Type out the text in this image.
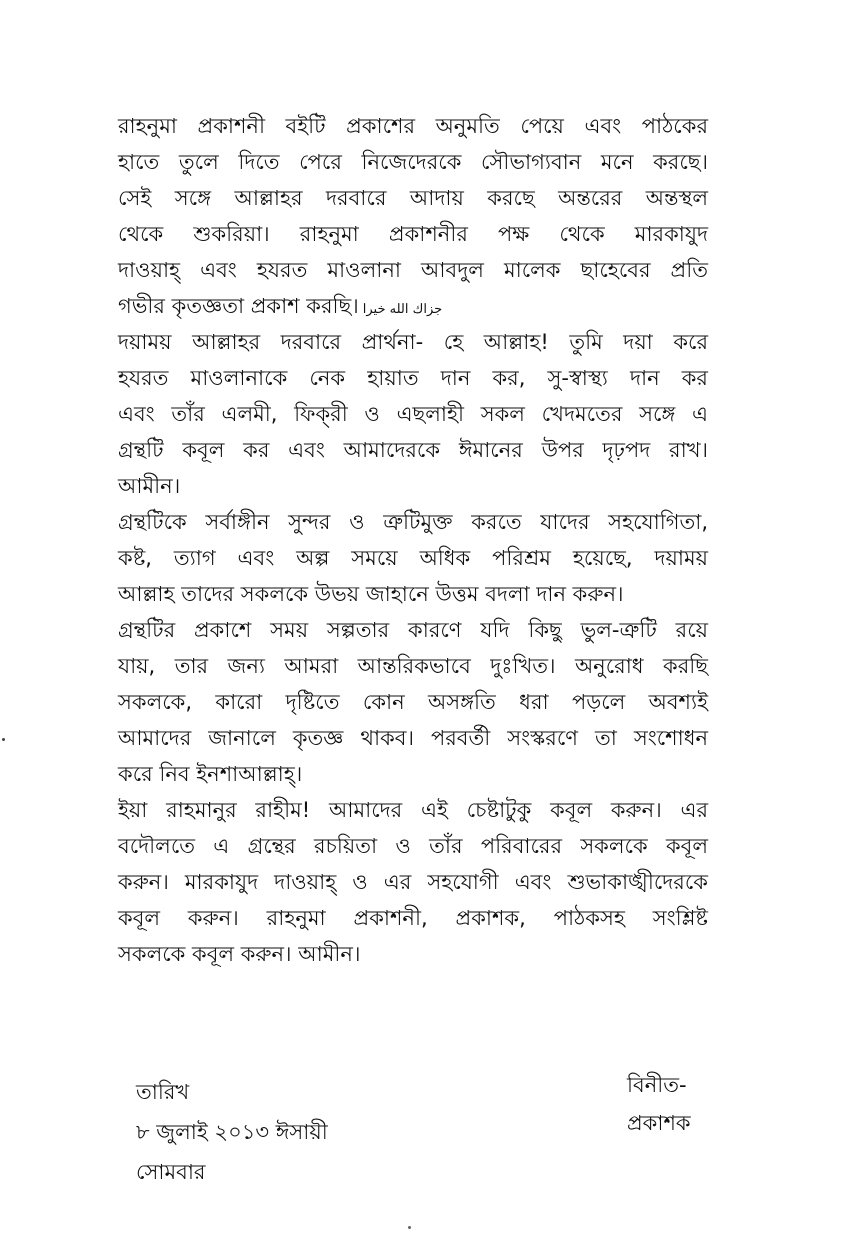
রাহনুমা প্রকাশনী বইটি প্রকাশের অনুমতি পেয়ে এবং পাঠকের
হাতে তুলে দিতে পেরে নিজেদেরকে সৌভাগ্যবান মনে করছে।
সেই সঙ্গে আল্লাহর দরবারে আদায় করছে অন্তরের অন্তস্থল
থেকে শুকরিয়া। রাহনুমা প্রকাশনীর পক্ষ থেকে মারকাযুদ
দাওয়াহ্ এবং হযরত মাওলানা আবদুল মালেক ছাহেবের প্রতি
গভীর কৃতজ্ঞতা প্রকাশ করছি। جزاك الله خيرا
দয়াময় আল্লাহর দরবারে প্রার্থনা- হে আল্লাহ! তুমি দয়া করে
হযরত মাওলানাকে নেক হায়াত দান কর, সু-স্বাস্থ্য দান কর
এবং তাঁর এলমী, ফিক্‌রী ও এছলাহী সকল খেদমতের সঙ্গে এ
গ্রন্থটি কবূল কর এবং আমাদেরকে ঈমানের উপর দৃঢ়পদ রাখ।
আমীন।
গ্রন্থটিকে সর্বাঙ্গীন সুন্দর ও ত্রুটিমুক্ত করতে যাদের সহযোগিতা,
কষ্ট, ত্যাগ এবং অল্প সময়ে অধিক পরিশ্রম হয়েছে, দয়াময়
আল্লাহ তাদের সকলকে উভয় জাহানে উত্তম বদলা দান করুন।
গ্রন্থটির প্রকাশে সময় সল্পতার কারণে যদি কিছু ভুল-ত্রুটি রয়ে
যায়, তার জন্য আমরা আন্তরিকভাবে দুঃখিত। অনুরোধ করছি
সকলকে, কারো দৃষ্টিতে কোন অসঙ্গতি ধরা পড়লে অবশ্যই
আমাদের জানালে কৃতজ্ঞ থাকব। পরবর্তী সংস্করণে তা সংশোধন
করে নিব ইনশাআল্লাহ্।
ইয়া রাহমানুর রাহীম! আমাদের এই চেষ্টাটুকু কবূল করুন। এর
বদৌলতে এ গ্রন্থের রচয়িতা ও তাঁর পরিবারের সকলকে কবূল
করুন। মারকাযুদ দাওয়াহ্ ও এর সহযোগী এবং শুভাকাঙ্খীদেরকে
কবূল করুন। রাহনুমা প্রকাশনী, প্রকাশক, পাঠকসহ সংশ্লিষ্ট
সকলকে কবূল করুন। আমীন।
তারিখ
৮ জুলাই ২০১৩ ঈসায়ী
সোমবার
বিনীত-
প্রকাশক
